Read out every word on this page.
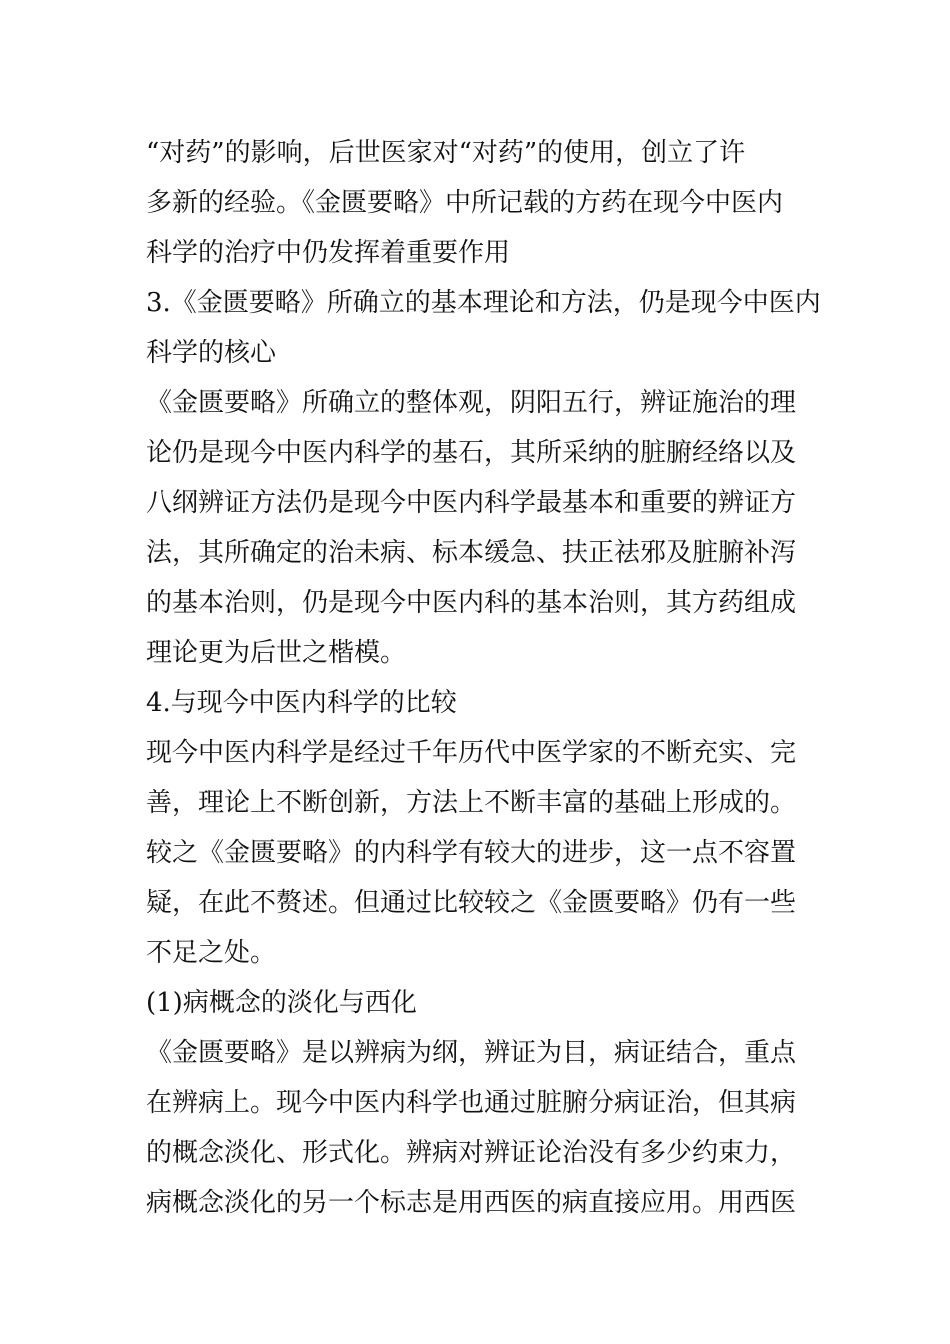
“对药”的影响，后世医家对“对药”的使用，创立了许
多新的经验。《金匮要略》中所记载的方药在现今中医内
科学的治疗中仍发挥着重要作用
3.《金匮要略》所确立的基本理论和方法，仍是现今中医内
科学的核心
《金匮要略》所确立的整体观，阴阳五行，辨证施治的理
论仍是现今中医内科学的基石，其所采纳的脏腑经络以及
八纲辨证方法仍是现今中医内科学最基本和重要的辨证方
法，其所确定的治未病、标本缓急、扶正祛邪及脏腑补泻
的基本治则，仍是现今中医内科的基本治则，其方药组成
理论更为后世之楷模。
4.与现今中医内科学的比较
现今中医内科学是经过千年历代中医学家的不断充实、完
善，理论上不断创新，方法上不断丰富的基础上形成的。
较之《金匮要略》的内科学有较大的进步，这一点不容置
疑，在此不赘述。但通过比较较之《金匮要略》仍有一些
不足之处。
(1)病概念的淡化与西化
《金匮要略》是以辨病为纲，辨证为目，病证结合，重点
在辨病上。现今中医内科学也通过脏腑分病证治，但其病
的概念淡化、形式化。辨病对辨证论治没有多少约束力，
病概念淡化的另一个标志是用西医的病直接应用。用西医
